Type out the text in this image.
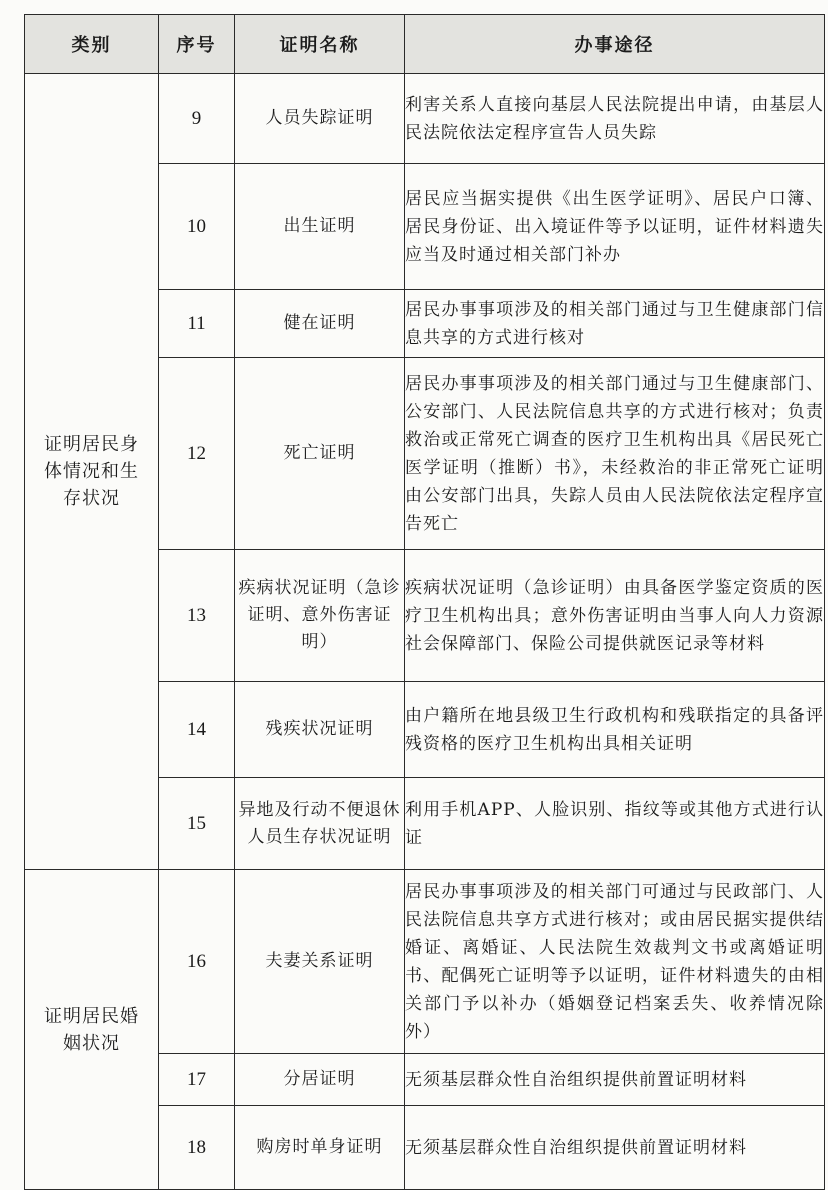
类别	序号	证明名称	办事途径
证明居民身体情况和生存状况	9	人员失踪证明	利害关系人直接向基层人民法院提出申请，由基层人民法院依法定程序宣告人员失踪
	10	出生证明	居民应当据实提供《出生医学证明》、居民户口簿、居民身份证、出入境证件等予以证明，证件材料遗失应当及时通过相关部门补办
	11	健在证明	居民办事事项涉及的相关部门通过与卫生健康部门信息共享的方式进行核对
	12	死亡证明	居民办事事项涉及的相关部门通过与卫生健康部门、公安部门、人民法院信息共享的方式进行核对；负责救治或正常死亡调查的医疗卫生机构出具《居民死亡医学证明（推断）书》，未经救治的非正常死亡证明由公安部门出具，失踪人员由人民法院依法定程序宣告死亡
	13	疾病状况证明（急诊证明、意外伤害证明）	疾病状况证明（急诊证明）由具备医学鉴定资质的医疗卫生机构出具；意外伤害证明由当事人向人力资源社会保障部门、保险公司提供就医记录等材料
	14	残疾状况证明	由户籍所在地县级卫生行政机构和残联指定的具备评残资格的医疗卫生机构出具相关证明
	15	异地及行动不便退休人员生存状况证明	利用手机APP、人脸识别、指纹等或其他方式进行认证
证明居民婚姻状况	16	夫妻关系证明	居民办事事项涉及的相关部门可通过与民政部门、人民法院信息共享方式进行核对；或由居民据实提供结婚证、离婚证、人民法院生效裁判文书或离婚证明书、配偶死亡证明等予以证明，证件材料遗失的由相关部门予以补办（婚姻登记档案丢失、收养情况除外）
	17	分居证明	无须基层群众性自治组织提供前置证明材料
	18	购房时单身证明	无须基层群众性自治组织提供前置证明材料
